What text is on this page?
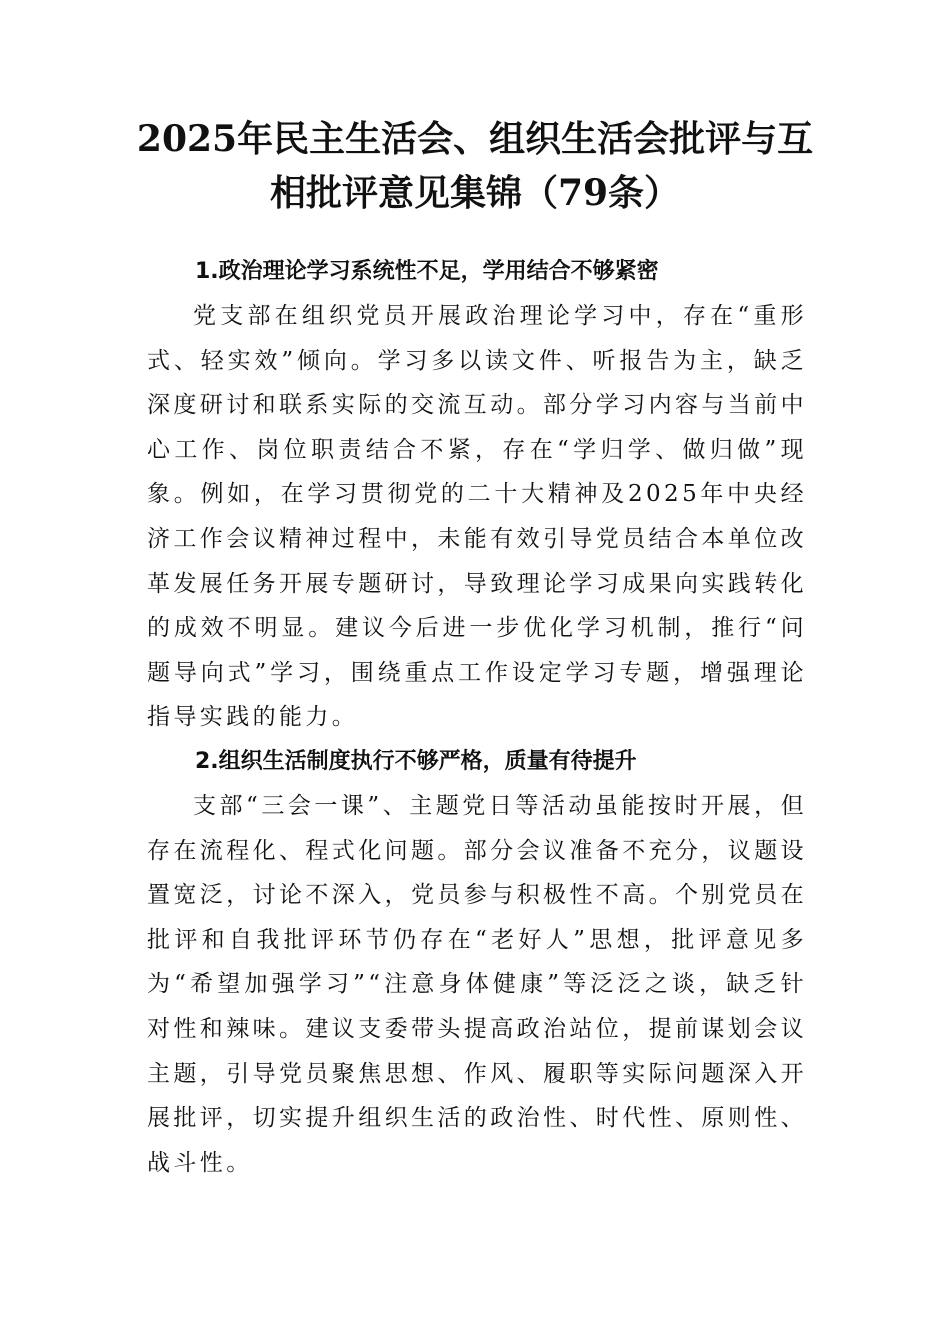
2025年民主生活会、组织生活会批评与互相批评意见集锦（79条）

1.政治理论学习系统性不足，学用结合不够紧密

党支部在组织党员开展政治理论学习中，存在“重形式、轻实效”倾向。学习多以读文件、听报告为主，缺乏深度研讨和联系实际的交流互动。部分学习内容与当前中心工作、岗位职责结合不紧，存在“学归学、做归做”现象。例如，在学习贯彻党的二十大精神及2025年中央经济工作会议精神过程中，未能有效引导党员结合本单位改革发展任务开展专题研讨，导致理论学习成果向实践转化的成效不明显。建议今后进一步优化学习机制，推行“问题导向式”学习，围绕重点工作设定学习专题，增强理论指导实践的能力。

2.组织生活制度执行不够严格，质量有待提升

支部“三会一课”、主题党日等活动虽能按时开展，但存在流程化、程式化问题。部分会议准备不充分，议题设置宽泛，讨论不深入，党员参与积极性不高。个别党员在批评和自我批评环节仍存在“老好人”思想，批评意见多为“希望加强学习”“注意身体健康”等泛泛之谈，缺乏针对性和辣味。建议支委带头提高政治站位，提前谋划会议主题，引导党员聚焦思想、作风、履职等实际问题深入开展批评，切实提升组织生活的政治性、时代性、原则性、战斗性。
